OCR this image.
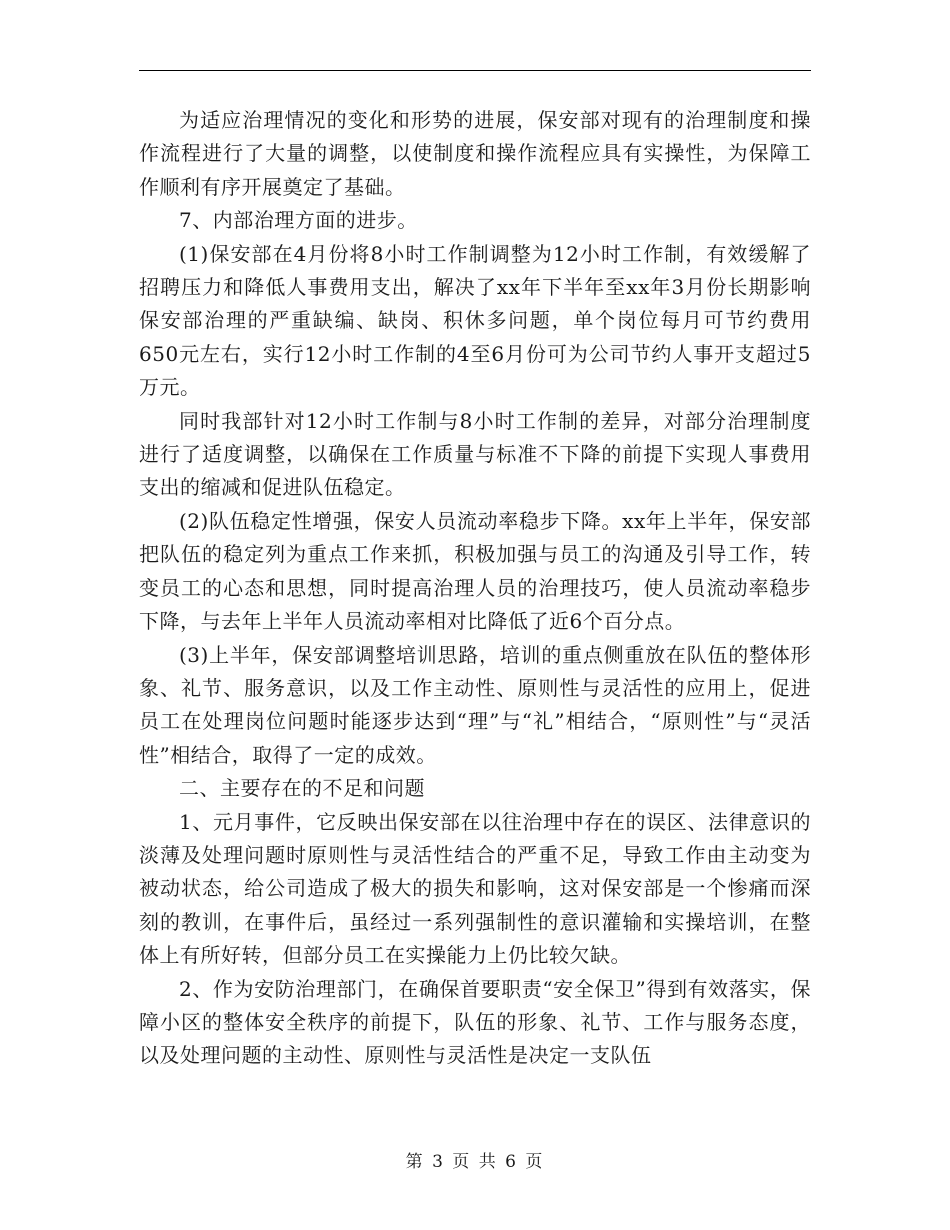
为适应治理情况的变化和形势的进展，保安部对现有的治理制度和操作流程进行了大量的调整，以使制度和操作流程应具有实操性，为保障工作顺利有序开展奠定了基础。

7、内部治理方面的进步。

(1)保安部在4月份将8小时工作制调整为12小时工作制，有效缓解了招聘压力和降低人事费用支出，解决了xx年下半年至xx年3月份长期影响保安部治理的严重缺编、缺岗、积休多问题，单个岗位每月可节约费用650元左右，实行12小时工作制的4至6月份可为公司节约人事开支超过5万元。

同时我部针对12小时工作制与8小时工作制的差异，对部分治理制度进行了适度调整，以确保在工作质量与标准不下降的前提下实现人事费用支出的缩减和促进队伍稳定。

(2)队伍稳定性增强，保安人员流动率稳步下降。xx年上半年，保安部把队伍的稳定列为重点工作来抓，积极加强与员工的沟通及引导工作，转变员工的心态和思想，同时提高治理人员的治理技巧，使人员流动率稳步下降，与去年上半年人员流动率相对比降低了近6个百分点。

(3)上半年，保安部调整培训思路，培训的重点侧重放在队伍的整体形象、礼节、服务意识，以及工作主动性、原则性与灵活性的应用上，促进员工在处理岗位问题时能逐步达到“理”与“礼”相结合，“原则性”与“灵活性”相结合，取得了一定的成效。

二、主要存在的不足和问题

1、元月事件，它反映出保安部在以往治理中存在的误区、法律意识的淡薄及处理问题时原则性与灵活性结合的严重不足，导致工作由主动变为被动状态，给公司造成了极大的损失和影响，这对保安部是一个惨痛而深刻的教训，在事件后，虽经过一系列强制性的意识灌输和实操培训，在整体上有所好转，但部分员工在实操能力上仍比较欠缺。

2、作为安防治理部门，在确保首要职责“安全保卫”得到有效落实，保障小区的整体安全秩序的前提下，队伍的形象、礼节、工作与服务态度，以及处理问题的主动性、原则性与灵活性是决定一支队伍

第 3 页 共 6 页
